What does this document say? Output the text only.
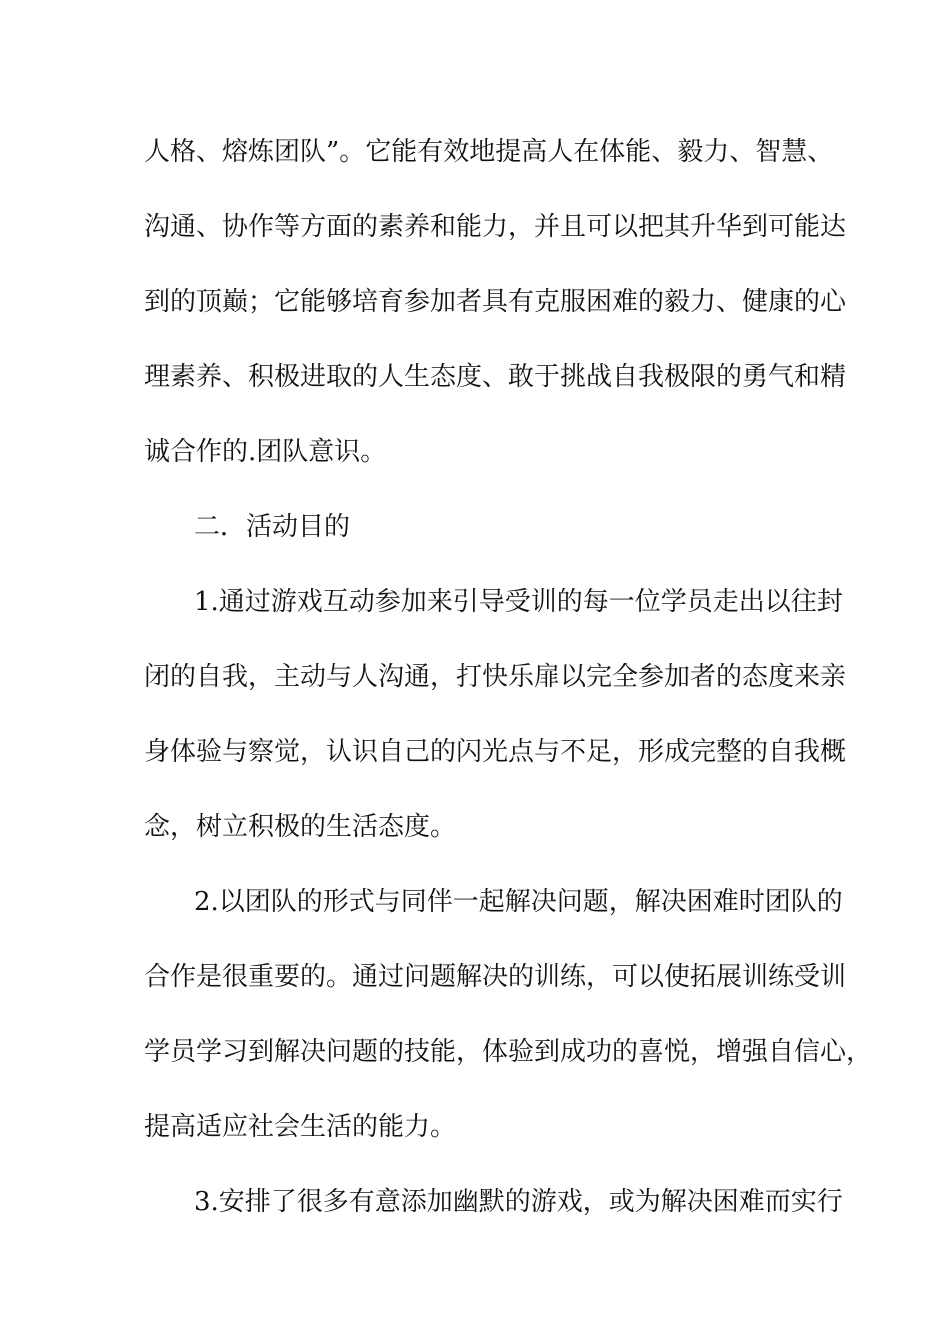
人格、熔炼团队”。它能有效地提高人在体能、毅力、智慧、
沟通、协作等方面的素养和能力，并且可以把其升华到可能达
到的顶巅；它能够培育参加者具有克服困难的毅力、健康的心
理素养、积极进取的人生态度、敢于挑战自我极限的勇气和精
诚合作的.团队意识。
二．活动目的
1.通过游戏互动参加来引导受训的每一位学员走出以往封
闭的自我，主动与人沟通，打快乐扉以完全参加者的态度来亲
身体验与察觉，认识自己的闪光点与不足，形成完整的自我概
念，树立积极的生活态度。
2.以团队的形式与同伴一起解决问题，解决困难时团队的
合作是很重要的。通过问题解决的训练，可以使拓展训练受训
学员学习到解决问题的技能，体验到成功的喜悦，增强自信心，
提高适应社会生活的能力。
3.安排了很多有意添加幽默的游戏，或为解决困难而实行
